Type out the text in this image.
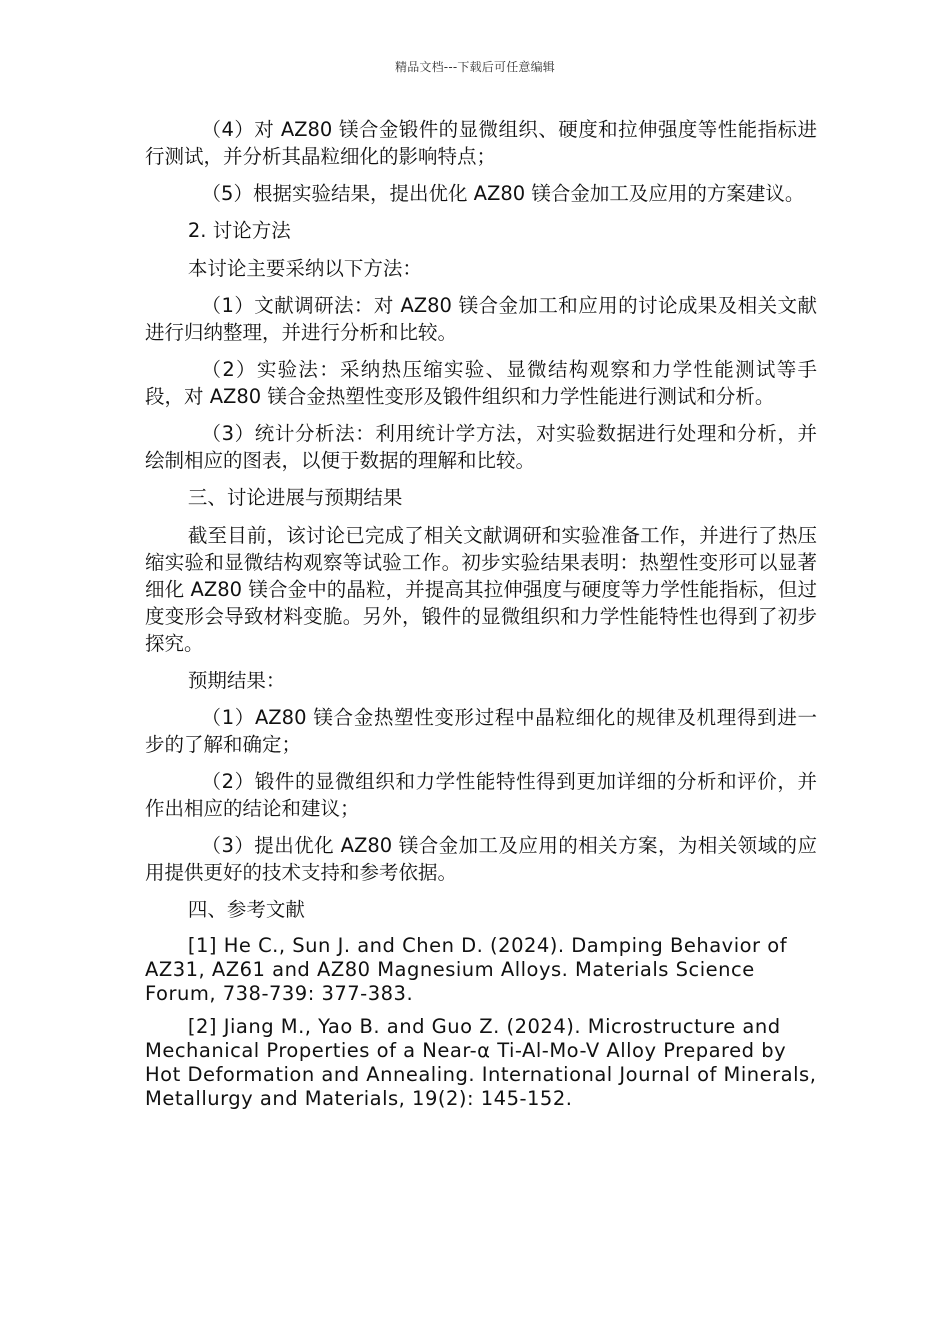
精品文档---下载后可任意编辑

（4）对 AZ80 镁合金锻件的显微组织、硬度和拉伸强度等性能指标进行测试，并分析其晶粒细化的影响特点；

（5）根据实验结果，提出优化 AZ80 镁合金加工及应用的方案建议。

2. 讨论方法

本讨论主要采纳以下方法：

（1）文献调研法：对 AZ80 镁合金加工和应用的讨论成果及相关文献进行归纳整理，并进行分析和比较。

（2）实验法：采纳热压缩实验、显微结构观察和力学性能测试等手段，对 AZ80 镁合金热塑性变形及锻件组织和力学性能进行测试和分析。

（3）统计分析法：利用统计学方法，对实验数据进行处理和分析，并绘制相应的图表，以便于数据的理解和比较。

三、讨论进展与预期结果

截至目前，该讨论已完成了相关文献调研和实验准备工作，并进行了热压缩实验和显微结构观察等试验工作。初步实验结果表明：热塑性变形可以显著细化 AZ80 镁合金中的晶粒，并提高其拉伸强度与硬度等力学性能指标，但过度变形会导致材料变脆。另外，锻件的显微组织和力学性能特性也得到了初步探究。

预期结果：

（1）AZ80 镁合金热塑性变形过程中晶粒细化的规律及机理得到进一步的了解和确定；

（2）锻件的显微组织和力学性能特性得到更加详细的分析和评价，并作出相应的结论和建议；

（3）提出优化 AZ80 镁合金加工及应用的相关方案，为相关领域的应用提供更好的技术支持和参考依据。

四、参考文献

[1] He C., Sun J. and Chen D. (2024). Damping Behavior of AZ31, AZ61 and AZ80 Magnesium Alloys. Materials Science Forum, 738-739: 377-383.

[2] Jiang M., Yao B. and Guo Z. (2024). Microstructure and Mechanical Properties of a Near-α Ti-Al-Mo-V Alloy Prepared by Hot Deformation and Annealing. International Journal of Minerals, Metallurgy and Materials, 19(2): 145-152.
